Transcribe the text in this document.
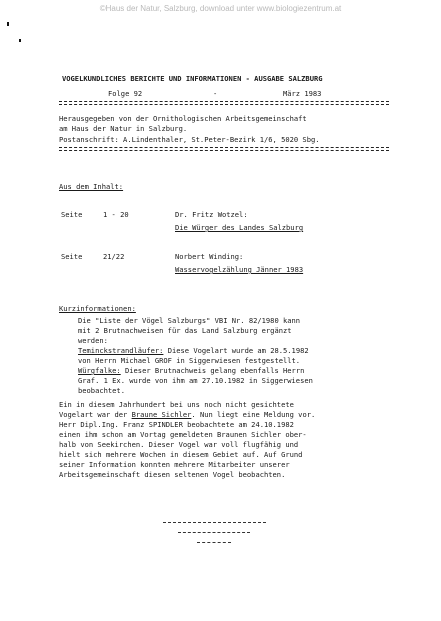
©Haus der Natur, Salzburg, download unter www.biologiezentrum.at
VOGELKUNDLICHES BERICHTE UND INFORMATIONEN - AUSGABE SALZBURG
Folge 92	-	März 1983
Herausgegeben von der Ornithologischen Arbeitsgemeinschaft
am Haus der Natur in Salzburg.
Postanschrift: A.Lindenthaler, St.Peter-Bezirk 1/6, 5020 Sbg.
Aus dem Inhalt:
Seite	1 - 20	Dr. Fritz Wotzel:
Die Würger des Landes Salzburg
Seite	21/22	Norbert Winding:
Wasservogelzählung Jänner 1983
Kurzinformationen:
Die "Liste der Vögel Salzburgs" VBI Nr. 82/1980 kann
mit 2 Brutnachweisen für das Land Salzburg ergänzt
werden:
Teminckstrandläufer: Diese Vogelart wurde am 28.5.1982
von Herrn Michael GROF in Siggerwiesen festgestellt.
Würgfalke: Dieser Brutnachweis gelang ebenfalls Herrn
Graf. 1 Ex. wurde von ihm am 27.10.1982 in Siggerwiesen
beobachtet.
Ein in diesem Jahrhundert bei uns noch nicht gesichtete
Vogelart war der Braune Sichler. Nun liegt eine Meldung vor.
Herr Dipl.Ing. Franz SPINDLER beobachtete am 24.10.1982
einen ihm schon am Vortag gemeldeten Braunen Sichler ober-
halb von Seekirchen. Dieser Vogel war voll flugfähig und
hielt sich mehrere Wochen in diesem Gebiet auf. Auf Grund
seiner Information konnten mehrere Mitarbeiter unserer
Arbeitsgemeinschaft diesen seltenen Vogel beobachten.
